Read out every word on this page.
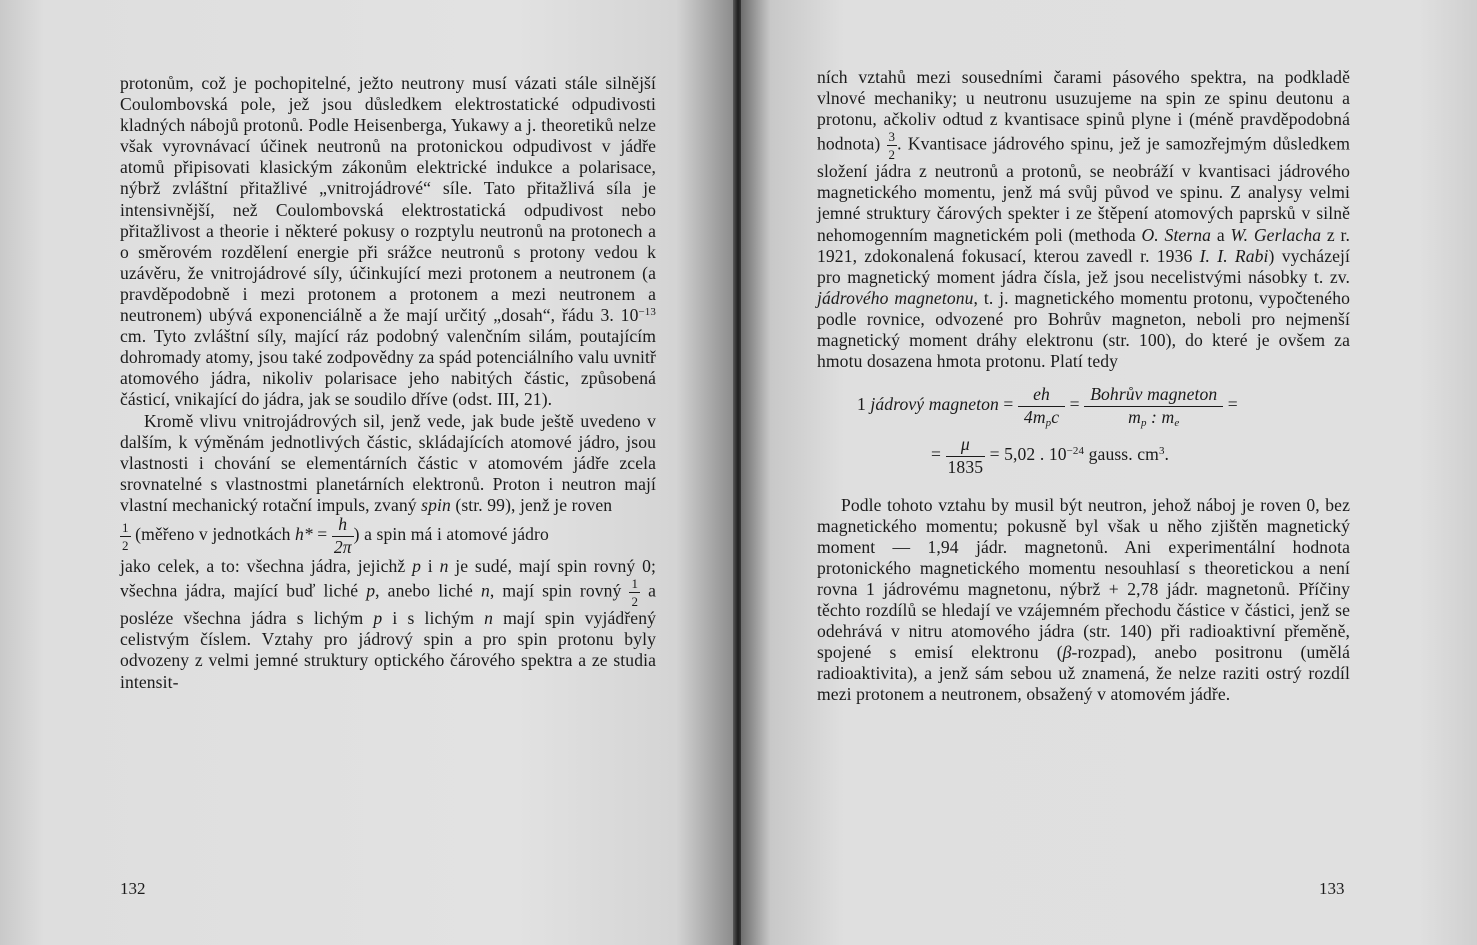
protonům, což je pochopitelné, ježto neutrony musí vázati stále silnější Coulombovská pole, jež jsou důsledkem elektrostatické odpudivosti kladných nábojů protonů. Podle Heisenberga, Yukawy a j. theoretiků nelze však vyrovnávací účinek neutronů na protonickou odpudivost v jádře atomů připisovati klasickým zákonům elektrické indukce a polarisace, nýbrž zvláštní přitažlivé „vnitrojádrové“ síle. Tato přitažlivá síla je intensivnější, než Coulombovská elektrostatická odpudivost nebo přitažlivost a theorie i některé pokusy o rozptylu neutronů na protonech a o směrovém rozdělení energie při srážce neutronů s protony vedou k uzávěru, že vnitrojádrové síly, účinkující mezi protonem a neutronem (a pravděpodobně i mezi protonem a protonem a mezi neutronem a neutronem) ubývá exponenciálně a že mají určitý „dosah“, řádu 3. $10^{-13}$ cm. Tyto zvláštní síly, mající ráz podobný valenčním silám, poutajícím dohromady atomy, jsou také zodpovědny za spád potenciálního valu uvnitř atomového jádra, nikoliv polarisace jeho nabitých částic, způsobená částicí, vnikající do jádra, jak se soudilo dříve (odst. III, 21).

Kromě vlivu vnitrojádrových sil, jenž vede, jak bude ještě uvedeno v dalším, k výměnám jednotlivých částic, skládajících atomové jádro, jsou vlastnosti i chování se elementárních částic v atomovém jádře zcela srovnatelné s vlastnostmi planetárních elektronů. Proton i neutron mají vlastní mechanický rotační impuls, zvaný spin (str. 99), jenž je roven

$\frac{1}{2}$ (měřeno v jednotkách $h* = \frac{h}{2\pi}$ ) a spin má i atomové jádro

jako celek, a to: všechna jádra, jejichž p i n je sudé, mají spin rovný 0; všechna jádra, mající buď liché p, anebo liché n, mají spin rovný $\frac{1}{2}$ a posléze všechna jádra s lichým p i s lichým n mají spin vyjádřený celistvým číslem. Vztahy pro jádrový spin a pro spin protonu byly odvozeny z velmi jemné struktury optického čárového spektra a ze studia intensit-

132

ních vztahů mezi sousedními čarami pásového spektra, na podkladě vlnové mechaniky; u neutronu usuzujeme na spin ze spinu deutonu a protonu, ačkoliv odtud z kvantisace spinů plyne i (méně pravděpodobná hodnota) $\frac{3}{2}$ . Kvantisace jádrového spinu, jež je samozřejmým důsledkem složení jádra z neutronů a protonů, se neobráží v kvantisaci jádrového magnetického momentu, jenž má svůj původ ve spinu. Z analysy velmi jemné struktury čárových spekter i ze štěpení atomových paprsků v silně nehomogenním magnetickém poli (methoda O. Sterna a W. Gerlacha z r. 1921, zdokonalená fokusací, kterou zavedl r. 1936 I. I. Rabi) vycházejí pro magnetický moment jádra čísla, jež jsou necelistvými násobky t. zv. jádrového magnetonu, t. j. magnetického momentu protonu, vypočteného podle rovnice, odvozené pro Bohrův magneton, neboli pro nejmenší magnetický moment dráhy elektronu (str. 100), do které je ovšem za hmotu dosazena hmota protonu. Platí tedy

1 jádrový magneton = $\frac{eh}{4m_pc} = \frac{\text{Bohrův magneton}}{m_p : m_e}$ =
= $\frac{\mu}{1835} = 5,02$ . $10^{-24}$ gauss. $cm^3$.

Podle tohoto vztahu by musil být neutron, jehož náboj je roven 0, bez magnetického momentu; pokusně byl však u něho zjištěn magnetický moment — 1,94 jádr. magnetonů. Ani experimentální hodnota protonického magnetického momentu nesouhlasí s theoretickou a není rovna 1 jádrovému magnetonu, nýbrž + 2,78 jádr. magnetonů. Příčiny těchto rozdílů se hledají ve vzájemném přechodu částice v částici, jenž se odehrává v nitru atomového jádra (str. 140) při radioaktivní přeměně, spojené s emisí elektronu (β-rozpad), anebo positronu (umělá radioaktivita), a jenž sám sebou už znamená, že nelze raziti ostrý rozdíl mezi protonem a neutronem, obsažený v atomovém jádře.

133
